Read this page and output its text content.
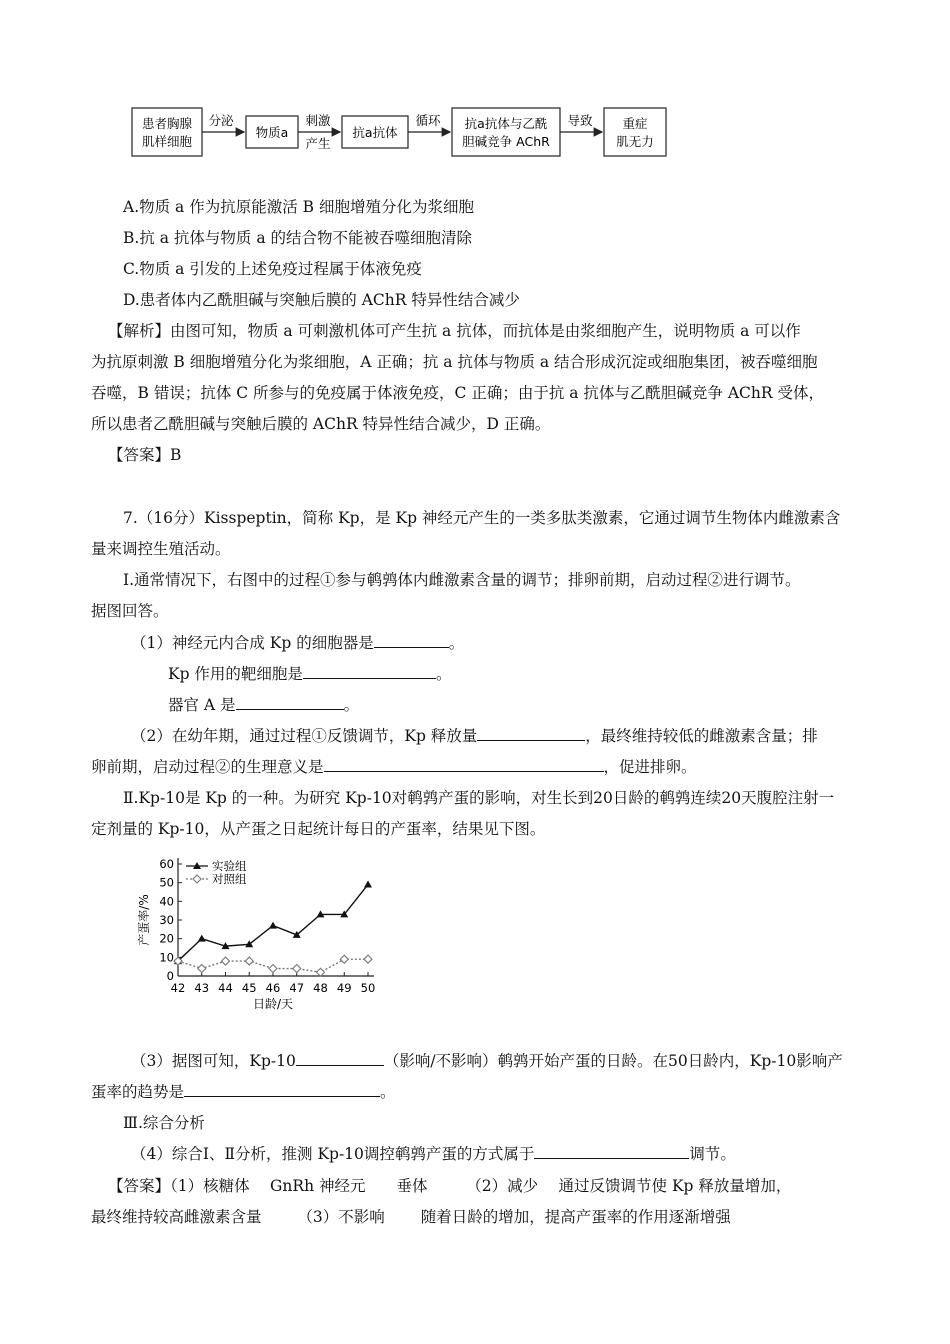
患者胸腺
肌样细胞
分泌
物质a
刺激
产生
抗a抗体
循环 抗a抗体与乙酰
胆碱竞争 AChR
导致 重症
肌无力
A.物质 a 作为抗原能激活 B 细胞增殖分化为浆细胞
B.抗 a 抗体与物质 a 的结合物不能被吞噬细胞清除
C.物质 a 引发的上述免疫过程属于体液免疫
D.患者体内乙酰胆碱与突触后膜的 AChR 特异性结合减少
【解析】由图可知，物质 a 可刺激机体可产生抗 a 抗体，而抗体是由浆细胞产生，说明物质 a 可以作
为抗原刺激 B 细胞增殖分化为浆细胞，A 正确；抗 a 抗体与物质 a 结合形成沉淀或细胞集团，被吞噬细胞
吞噬，B 错误；抗体 C 所参与的免疫属于体液免疫，C 正确；由于抗 a 抗体与乙酰胆碱竞争 AChR 受体，
所以患者乙酰胆碱与突触后膜的 AChR 特异性结合减少，D 正确。
【答案】B
7.（16分）Kisspeptin，简称 Kp，是 Kp 神经元产生的一类多肽类激素，它通过调节生物体内雌激素含
量来调控生殖活动。
Ⅰ.通常情况下，右图中的过程①参与鹌鹑体内雌激素含量的调节；排卵前期，启动过程②进行调节。
据图回答。
（1）神经元内合成 Kp 的细胞器是	。
Kp 作用的靶细胞是	。
器官 A 是	。
（2）在幼年期，通过过程①反馈调节，Kp 释放量	，最终维持较低的雌激素含量；排
卵前期，启动过程②的生理意义是	，促进排卵。
Ⅱ.Kp-10是 Kp 的一种。为研究 Kp-10对鹌鹑产蛋的影响，对生长到20日龄的鹌鹑连续20天腹腔注射一
定剂量的 Kp-10，从产蛋之日起统计每日的产蛋率，结果见下图。
0
10
20
30
40
50
60
42 43 44 45 46 47 48 49 50
日龄/天
产蛋率/%
实验组
对照组
（3）据图可知，Kp-10	（影响/不影响）鹌鹑开始产蛋的日龄。在50日龄内，Kp-10影响产
蛋率的趋势是	。
Ⅲ.综合分析
（4）综合Ⅰ、Ⅱ分析，推测 Kp-10调控鹌鹑产蛋的方式属于	调节。
【答案】（1）核糖体　 GnRh 神经元　　垂体　　　（2）减少　 通过反馈调节使 Kp 释放量增加，
最终维持较高雌激素含量　　 （3）不影响　　 随着日龄的增加，提高产蛋率的作用逐渐增强
